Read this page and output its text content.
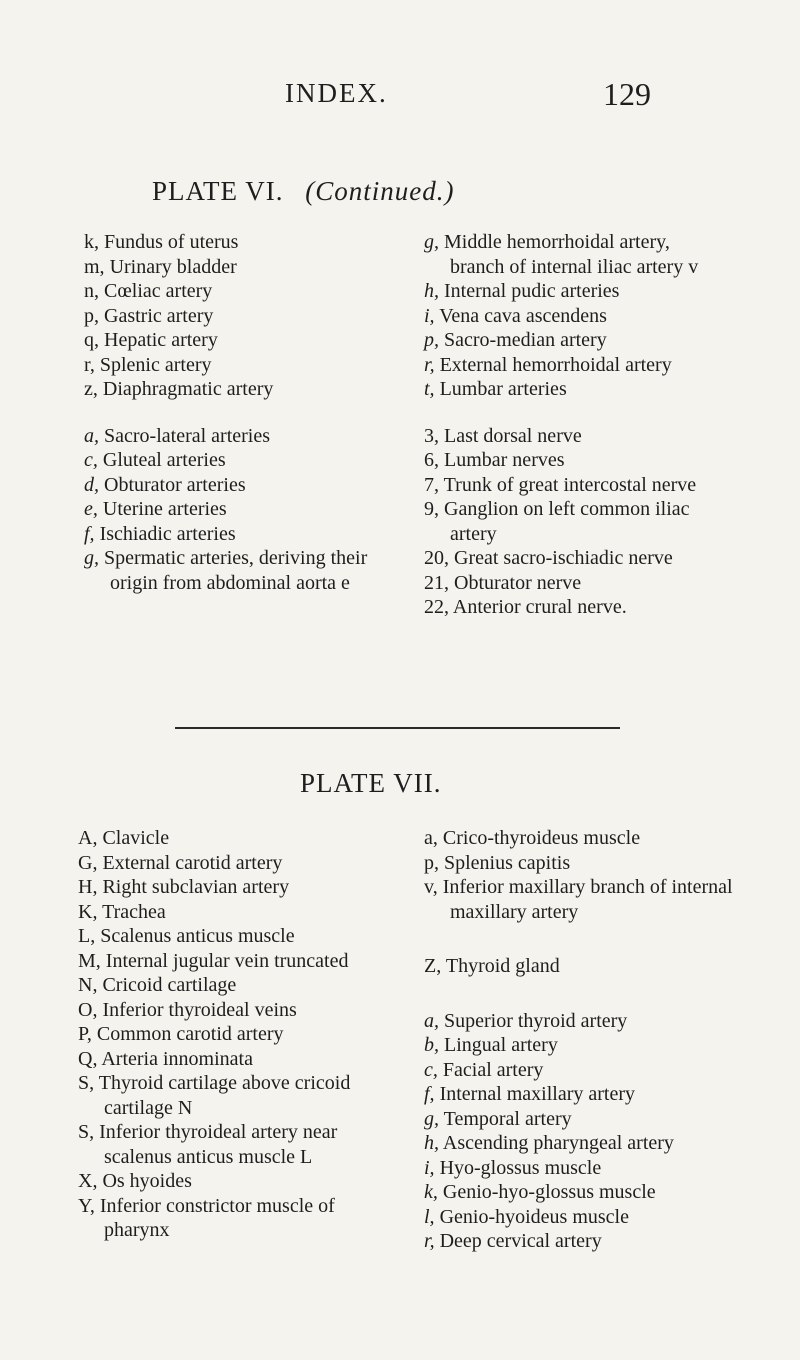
INDEX.	129
PLATE VI. (Continued.)
k, Fundus of uterus
m, Urinary bladder
n, Cœliac artery
p, Gastric artery
q, Hepatic artery
r, Splenic artery
z, Diaphragmatic artery
a, Sacro-lateral arteries
c, Gluteal arteries
d, Obturator arteries
e, Uterine arteries
f, Ischiadic arteries
g, Spermatic arteries, deriving their origin from abdominal aorta e
g, Middle hemorrhoidal artery, branch of internal iliac artery v
h, Internal pudic arteries
i, Vena cava ascendens
p, Sacro-median artery
r, External hemorrhoidal artery
t, Lumbar arteries
3, Last dorsal nerve
6, Lumbar nerves
7, Trunk of great intercostal nerve
9, Ganglion on left common iliac artery
20, Great sacro-ischiadic nerve
21, Obturator nerve
22, Anterior crural nerve.
PLATE VII.
A, Clavicle
G, External carotid artery
H, Right subclavian artery
K, Trachea
L, Scalenus anticus muscle
M, Internal jugular vein truncated
N, Cricoid cartilage
O, Inferior thyroideal veins
P, Common carotid artery
Q, Arteria innominata
S, Thyroid cartilage above cricoid cartilage N
S, Inferior thyroideal artery near scalenus anticus muscle L
X, Os hyoides
Y, Inferior constrictor muscle of pharynx
a, Crico-thyroideus muscle
p, Splenius capitis
v, Inferior maxillary branch of internal maxillary artery
Z, Thyroid gland
a, Superior thyroid artery
b, Lingual artery
c, Facial artery
f, Internal maxillary artery
g, Temporal artery
h, Ascending pharyngeal artery
i, Hyo-glossus muscle
k, Genio-hyo-glossus muscle
l, Genio-hyoideus muscle
r, Deep cervical artery
